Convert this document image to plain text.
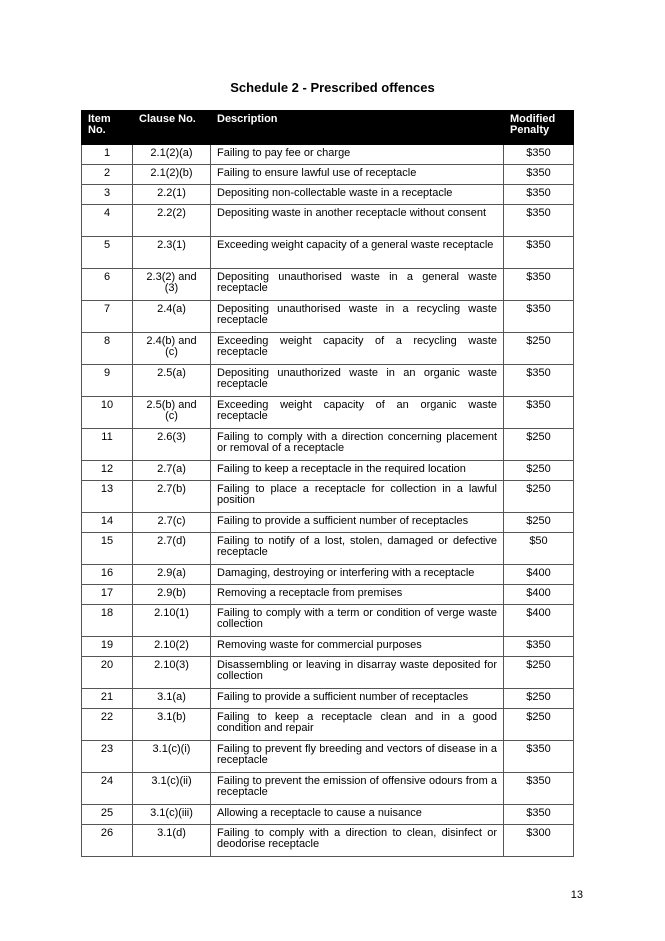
Schedule 2 - Prescribed offences
Item No.	Clause No.	Description	Modified Penalty
1	2.1(2)(a)	Failing to pay fee or charge	$350
2	2.1(2)(b)	Failing to ensure lawful use of receptacle	$350
3	2.2(1)	Depositing non-collectable waste in a receptacle	$350
4	2.2(2)	Depositing waste in another receptacle without consent	$350
5	2.3(1)	Exceeding weight capacity of a general waste receptacle	$350
6	2.3(2) and (3)	Depositing unauthorised waste in a general waste receptacle	$350
7	2.4(a)	Depositing unauthorised waste in a recycling waste receptacle	$350
8	2.4(b) and (c)	Exceeding weight capacity of a recycling waste receptacle	$250
9	2.5(a)	Depositing unauthorized waste in an organic waste receptacle	$350
10	2.5(b) and (c)	Exceeding weight capacity of an organic waste receptacle	$350
11	2.6(3)	Failing to comply with a direction concerning placement or removal of a receptacle	$250
12	2.7(a)	Failing to keep a receptacle in the required location	$250
13	2.7(b)	Failing to place a receptacle for collection in a lawful position	$250
14	2.7(c)	Failing to provide a sufficient number of receptacles	$250
15	2.7(d)	Failing to notify of a lost, stolen, damaged or defective receptacle	$50
16	2.9(a)	Damaging, destroying or interfering with a receptacle	$400
17	2.9(b)	Removing a receptacle from premises	$400
18	2.10(1)	Failing to comply with a term or condition of verge waste collection	$400
19	2.10(2)	Removing waste for commercial purposes	$350
20	2.10(3)	Disassembling or leaving in disarray waste deposited for collection	$250
21	3.1(a)	Failing to provide a sufficient number of receptacles	$250
22	3.1(b)	Failing to keep a receptacle clean and in a good condition and repair	$250
23	3.1(c)(i)	Failing to prevent fly breeding and vectors of disease in a receptacle	$350
24	3.1(c)(ii)	Failing to prevent the emission of offensive odours from a receptacle	$350
25	3.1(c)(iii)	Allowing a receptacle to cause a nuisance	$350
26	3.1(d)	Failing to comply with a direction to clean, disinfect or deodorise receptacle	$300
13
